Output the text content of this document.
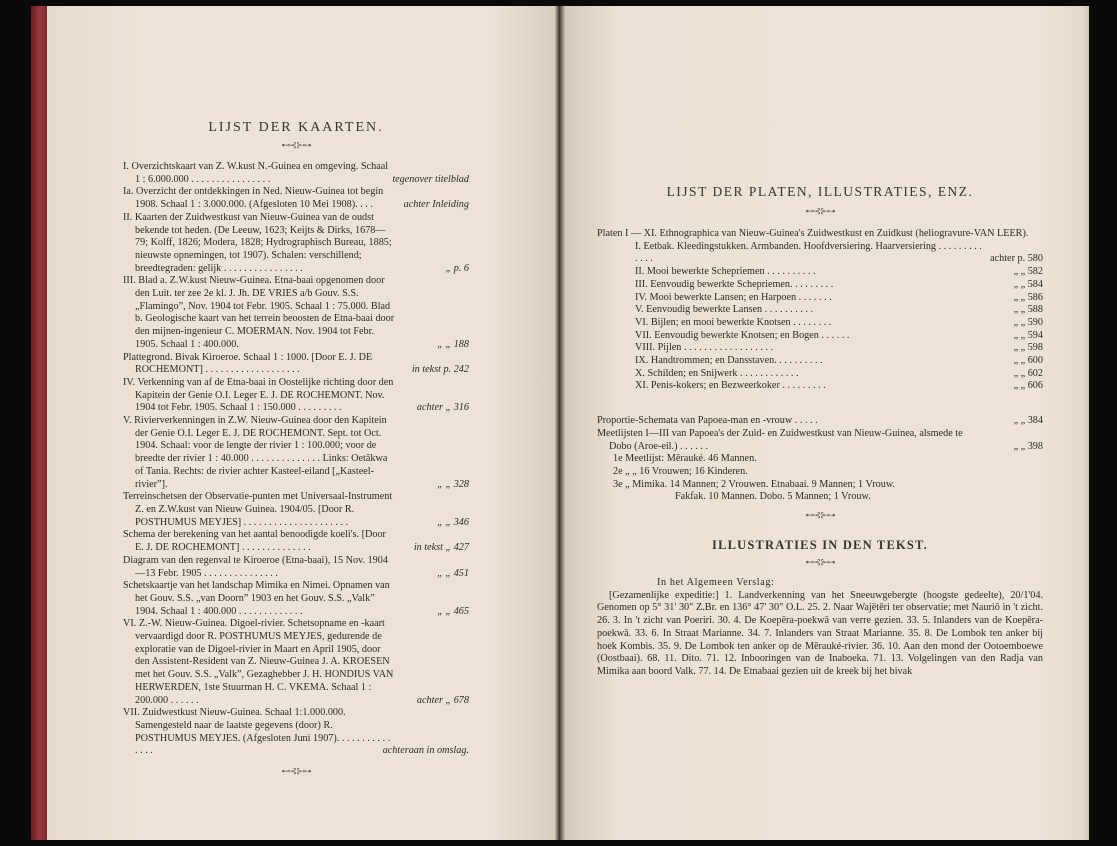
LIJST DER KAARTEN.
⊷⊰⊱⊶
I. Overzichtskaart van Z. W.kust N.-Guinea en omgeving. Schaal 1 : 6.000.000 . . . . . . . . . . . . . . . .	tegenover titelblad
Ia. Overzicht der ontdekkingen in Ned. Nieuw-Guinea tot begin 1908. Schaal 1 : 3.000.000. (Afgesloten 10 Mei 1908). . . .	achter Inleiding
II. Kaarten der Zuidwestkust van Nieuw-Guinea van de oudst bekende tot heden. (De Leeuw, 1623; Keijts & Dirks, 1678—79; Kolff, 1826; Modera, 1828; Hydrographisch Bureau, 1885; nieuwste opnemingen, tot 1907). Schalen: verschillend; breedtegraden: gelijk . . . . . . . . . . . . . . . .	„ p. 6
III. Blad a. Z.W.kust Nieuw-Guinea. Etna-baai opgenomen door den Luit. ter zee 2e kl. J. Jh. DE VRIES a/b Gouv. S.S. „Flamingo”, Nov. 1904 tot Febr. 1905. Schaal 1 : 75.000. Blad b. Geologische kaart van het terrein beoosten de Etna-baai door den mijnen-ingenieur C. MOERMAN. Nov. 1904 tot Febr. 1905. Schaal 1 : 400.000.	„ „ 188
Plattegrond. Bivak Kiroeroe. Schaal 1 : 1000. [Door E. J. DE ROCHEMONT] . . . . . . . . . . . . . . . . . . .	in tekst p. 242
IV. Verkenning van af de Etna-baai in Oostelijke richting door den Kapitein der Genie O.I. Leger E. J. DE ROCHEMONT. Nov. 1904 tot Febr. 1905. Schaal 1 : 150.000 . . . . . . . . .	achter „ 316
V. Rivierverkenningen in Z.W. Nieuw-Guinea door den Kapitein der Genie O.I. Leger E. J. DE ROCHEMONT. Sept. tot Oct. 1904. Schaal: voor de lengte der rivier 1 : 100.000; voor de breedte der rivier 1 : 40.000 . . . . . . . . . . . . . . Links: Oetâkwa of Tania. Rechts: de rivier achter Kasteel-eiland [„Kasteel-rivier”].	„ „ 328
Terreinschetsen der Observatie-punten met Universaal-Instrument Z. en Z.W.kust van Nieuw Guinea. 1904/05. [Door R. POSTHUMUS MEYJES] . . . . . . . . . . . . . . . . . . . . .	„ „ 346
Schema der berekening van het aantal benoodigde koeli's. [Door E. J. DE ROCHEMONT] . . . . . . . . . . . . . .	in tekst „ 427
Diagram van den regenval te Kiroeroe (Etna-baai), 15 Nov. 1904—13 Febr. 1905 . . . . . . . . . . . . . . .	„ „ 451
Schetskaartje van het landschap Mimika en Nimei. Opnamen van het Gouv. S.S. „van Doorn” 1903 en het Gouv. S.S. „Valk” 1904. Schaal 1 : 400.000 . . . . . . . . . . . . .	„ „ 465
VI. Z.-W. Nieuw-Guinea. Digoel-rivier. Schetsopname en -kaart vervaardigd door R. POSTHUMUS MEYJES, gedurende de exploratie van de Digoel-rivier in Maart en April 1905, door den Assistent-Resident van Z. Nieuw-Guinea J. A. KROESEN met het Gouv. S.S. „Valk”, Gezaghebber J. H. HONDIUS VAN HERWERDEN, 1ste Stuurman H. C. VKEMA. Schaal 1 : 200.000 . . . . . .	achter „ 678
VII. Zuidwestkust Nieuw-Guinea. Schaal 1:1.000.000. Samengesteld naar de laatste gegevens (door) R. POSTHUMUS MEYJES. (Afgesloten Juni 1907). . . . . . . . . . . . . . .	achteraan in omslag.
⊷⊰⊱⊶
LIJST DER PLATEN, ILLUSTRATIES, ENZ.
⊷⊰⊱⊶
Platen I — XI. Ethnographica van Nieuw-Guinea's Zuidwestkust en Zuidkust (heliogravure-VAN LEER).
I. Eetbak. Kleedingstukken. Armbanden. Hoofdversiering. Haarversiering . . . . . . . . . . . . .	achter p. 580
II. Mooi bewerkte Schepriemen . . . . . . . . . .	„ „ 582
III. Eenvoudig bewerkte Schepriemen. . . . . . . . .	„ „ 584
IV. Mooi bewerkte Lansen; en Harpoen . . . . . . .	„ „ 586
V. Eenvoudig bewerkte Lansen . . . . . . . . . .	„ „ 588
VI. Bijlen; en mooi bewerkte Knotsen . . . . . . . .	„ „ 590
VII. Eenvoudig bewerkte Knotsen; en Bogen . . . . . .	„ „ 594
VIII. Pijlen . . . . . . . . . . . . . . . . . .	„ „ 598
IX. Handtrommen; en Dansstaven. . . . . . . . . .	„ „ 600
X. Schilden; en Snijwerk . . . . . . . . . . . .	„ „ 602
XI. Penis-kokers; en Bezweerkoker . . . . . . . . .	„ „ 606
Proportie-Schemata van Papoea-man en -vrouw . . . . .	„ „ 384
Meetlijsten I—III van Papoea's der Zuid- en Zuidwestkust van Nieuw-Guinea, alsmede te Dobo (Aroe-eil.) . . . . . .	„ „ 398
1e Meetlijst: Mērauké. 46 Mannen.
2e „ „ 16 Vrouwen; 16 Kinderen.
3e „ Mimika. 14 Mannen; 2 Vrouwen. Etnabaai. 9 Mannen; 1 Vrouw.
Fakfak. 10 Mannen. Dobo. 5 Mannen; 1 Vrouw.
⊷⊰⊱⊶
ILLUSTRATIES IN DEN TEKST.
⊷⊰⊱⊶
In het Algemeen Verslag:
[Gezamenlijke expeditie:] 1. Landverkenning van het Sneeuwgebergte (hoogste gedeelte), 20/1'04. Genomen op 5° 31' 30" Z.Br. en 136° 47' 30" O.L. 25. 2. Naar Wajētēri ter observatie; met Nauriō in 't zicht. 26. 3. In 't zicht van Poeriri. 30. 4. De Koepēra-poekwā van verre gezien. 33. 5. Inlanders van de Koepēra-poekwā. 33. 6. In Straat Marianne. 34. 7. Inlanders van Straat Marianne. 35. 8. De Lombok ten anker bij hoek Kombis. 35. 9. De Lombok ten anker op de Mērauké-rivier. 36. 10. Aan den mond der Ootoemboewe (Oostbaai). 68. 11. Dito. 71. 12. Inbooringen van de Inaboeka. 71. 13. Volgelingen van den Radja van Mimika aan boord Valk. 77. 14. De Etnabaai gezien uit de kreek bij het bivak
